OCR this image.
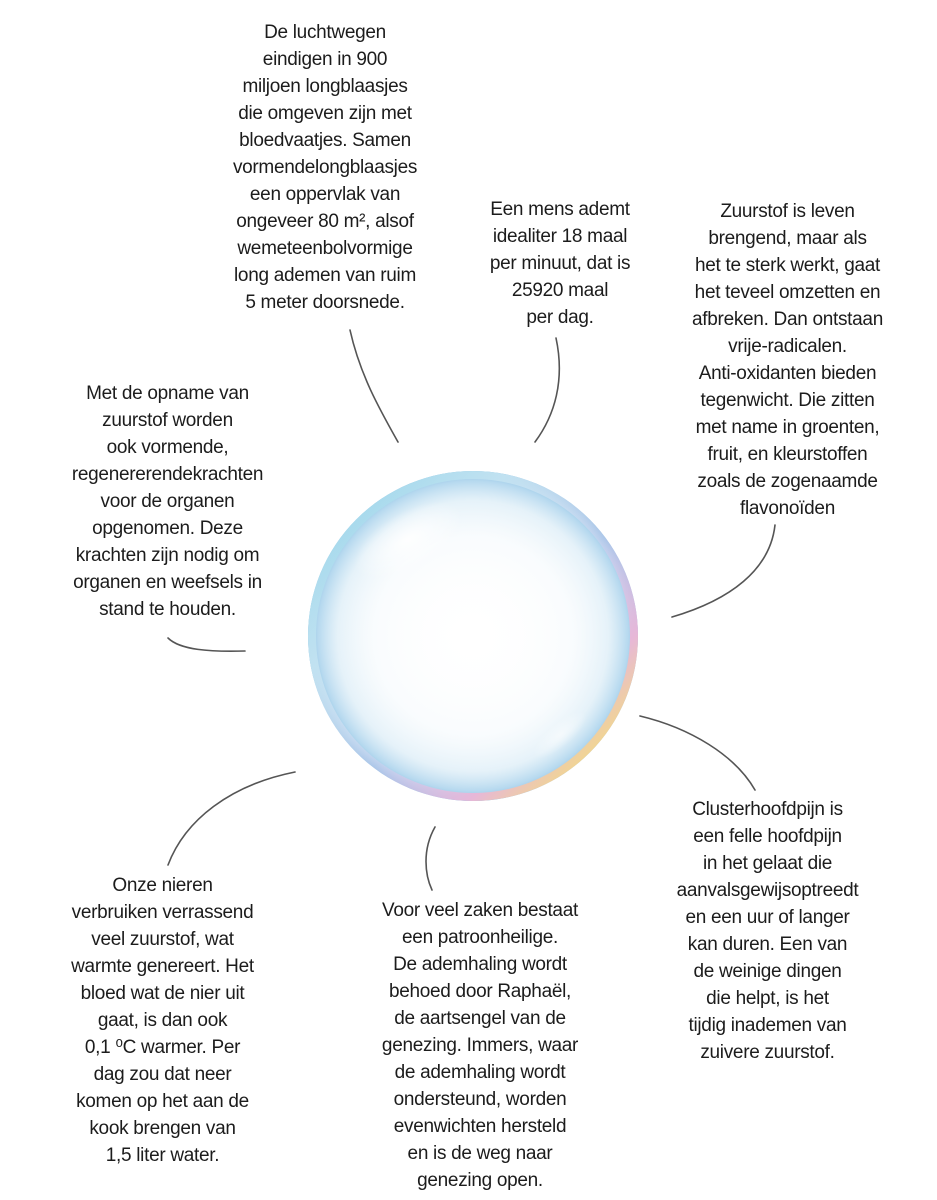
De luchtwegen
eindigen in 900
miljoen longblaasjes
die omgeven zijn met
bloedvaatjes. Samen
vormendelongblaasjes
een oppervlak van
ongeveer 80 m², alsof
wemeteenbolvormige
long ademen van ruim
5 meter doorsnede.
Een mens ademt
idealiter 18 maal
per minuut, dat is
25920 maal
per dag.
Zuurstof is leven
brengend, maar als
het te sterk werkt, gaat
het teveel omzetten en
afbreken. Dan ontstaan
vrije-radicalen.
Anti-oxidanten bieden
tegenwicht. Die zitten
met name in groenten,
fruit, en kleurstoffen
zoals de zogenaamde
flavonoïden
Met de opname van
zuurstof worden
ook vormende,
regenererendekrachten
voor de organen
opgenomen. Deze
krachten zijn nodig om
organen en weefsels in
stand te houden.
Onze nieren
verbruiken verrassend
veel zuurstof, wat
warmte genereert. Het
bloed wat de nier uit
gaat, is dan ook
0,1 ⁰C warmer. Per
dag zou dat neer
komen op het aan de
kook brengen van
1,5 liter water.
Voor veel zaken bestaat
een patroonheilige.
De ademhaling wordt
behoed door Raphaël,
de aartsengel van de
genezing. Immers, waar
de ademhaling wordt
ondersteund, worden
evenwichten hersteld
en is de weg naar
genezing open.
Clusterhoofdpijn is
een felle hoofdpijn
in het gelaat die
aanvalsgewijsoptreedt
en een uur of langer
kan duren. Een van
de weinige dingen
die helpt, is het
tijdig inademen van
zuivere zuurstof.
